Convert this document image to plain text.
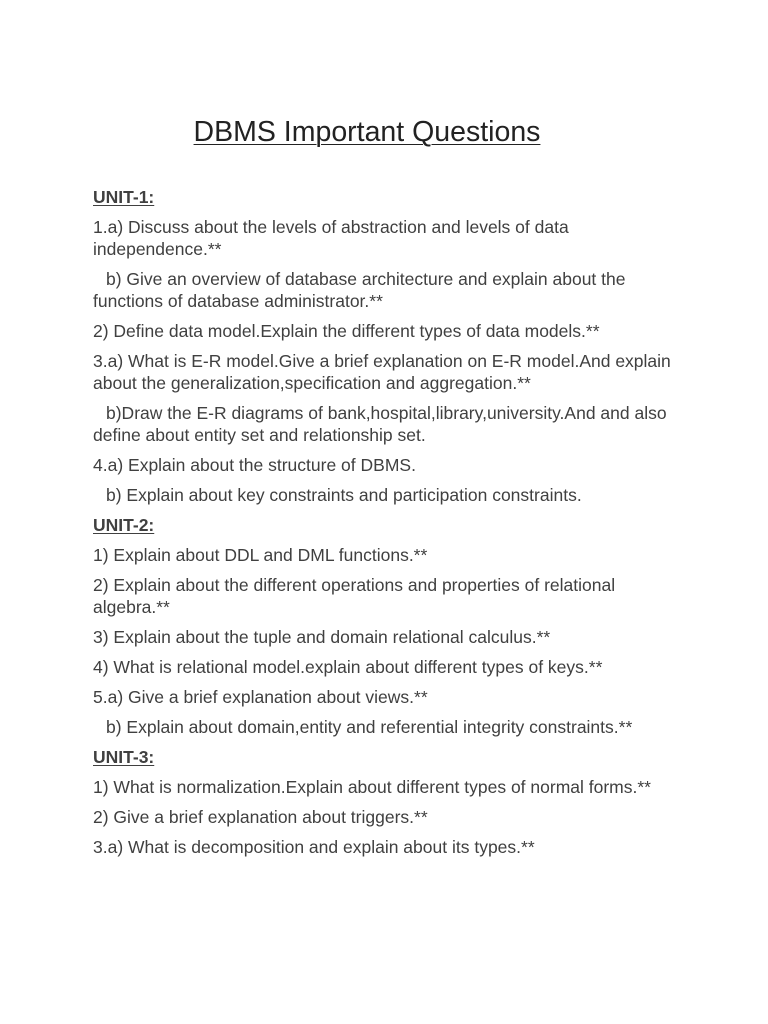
DBMS Important Questions
UNIT-1:
1.a) Discuss about the levels of abstraction and levels of data independence.**
b) Give an overview of database architecture and explain about the functions of database administrator.**
2) Define data model.Explain the different types of data models.**
3.a) What is E-R model.Give a brief explanation on E-R model.And explain about the generalization,specification and aggregation.**
b)Draw the E-R diagrams of bank,hospital,library,university.And and also define about entity set and relationship set.
4.a) Explain about the structure of DBMS.
b) Explain about key constraints and participation constraints.
UNIT-2:
1) Explain about DDL and DML functions.**
2) Explain about the different operations and properties of relational algebra.**
3) Explain about the tuple and domain relational calculus.**
4) What is relational model.explain about different types of keys.**
5.a) Give a brief explanation about views.**
b) Explain about domain,entity and referential integrity constraints.**
UNIT-3:
1) What is normalization.Explain about different types of normal forms.**
2) Give a brief explanation about triggers.**
3.a) What is decomposition and explain about its types.**
